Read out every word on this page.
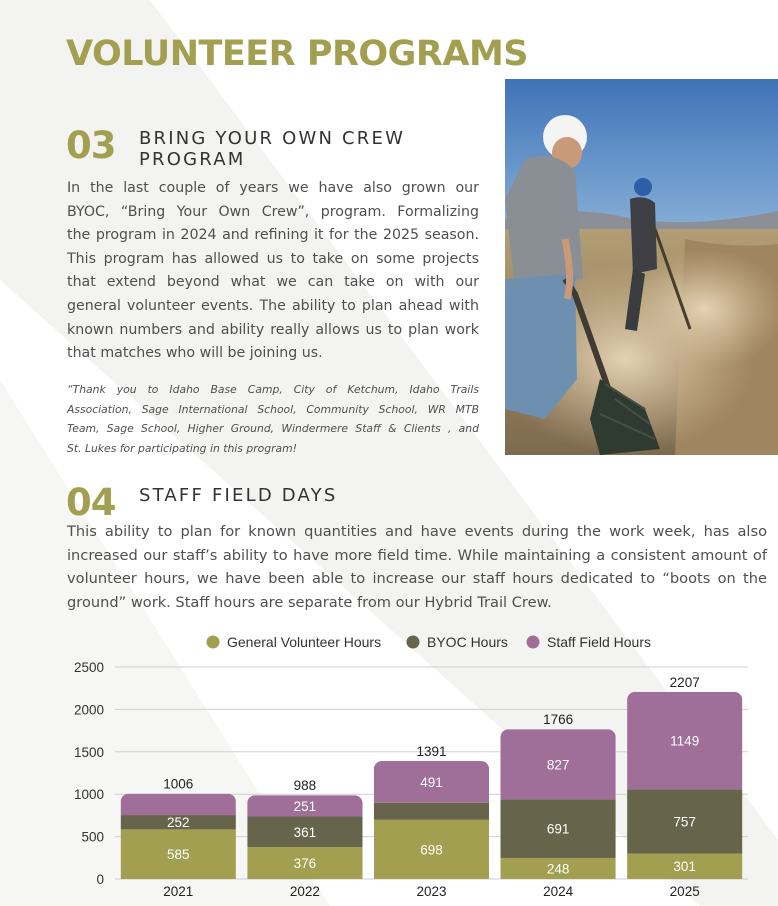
VOLUNTEER PROGRAMS
03 BRING YOUR OWN CREW
PROGRAM
In the last couple of years we have also grown our
BYOC, “Bring Your Own Crew”, program. Formalizing
the program in 2024 and refining it for the 2025 season.
This program has allowed us to take on some projects
that extend beyond what we can take on with our
general volunteer events. The ability to plan ahead with
known numbers and ability really allows us to plan work
that matches who will be joining us.
“Thank you to Idaho Base Camp, City of Ketchum, Idaho Trails
Association, Sage International School, Community School, WR MTB
Team, Sage School, Higher Ground, Windermere Staff & Clients , and
St. Lukes for participating in this program!
04 STAFF FIELD DAYS
This ability to plan for known quantities and have events during the work week, has also
increased our staff’s ability to have more field time. While maintaining a consistent amount of
volunteer hours, we have been able to increase our staff hours dedicated to “boots on the
ground” work. Staff hours are separate from our Hybrid Trail Crew.
General Volunteer Hours	BYOC Hours	Staff Field Hours
0
500
1000
1500
2000
2500
585
252
1006
2021
376
361
251
988
2022
698
491
1391
2023
248
691
827
1766
2024
301
757
1149
2207
2025
